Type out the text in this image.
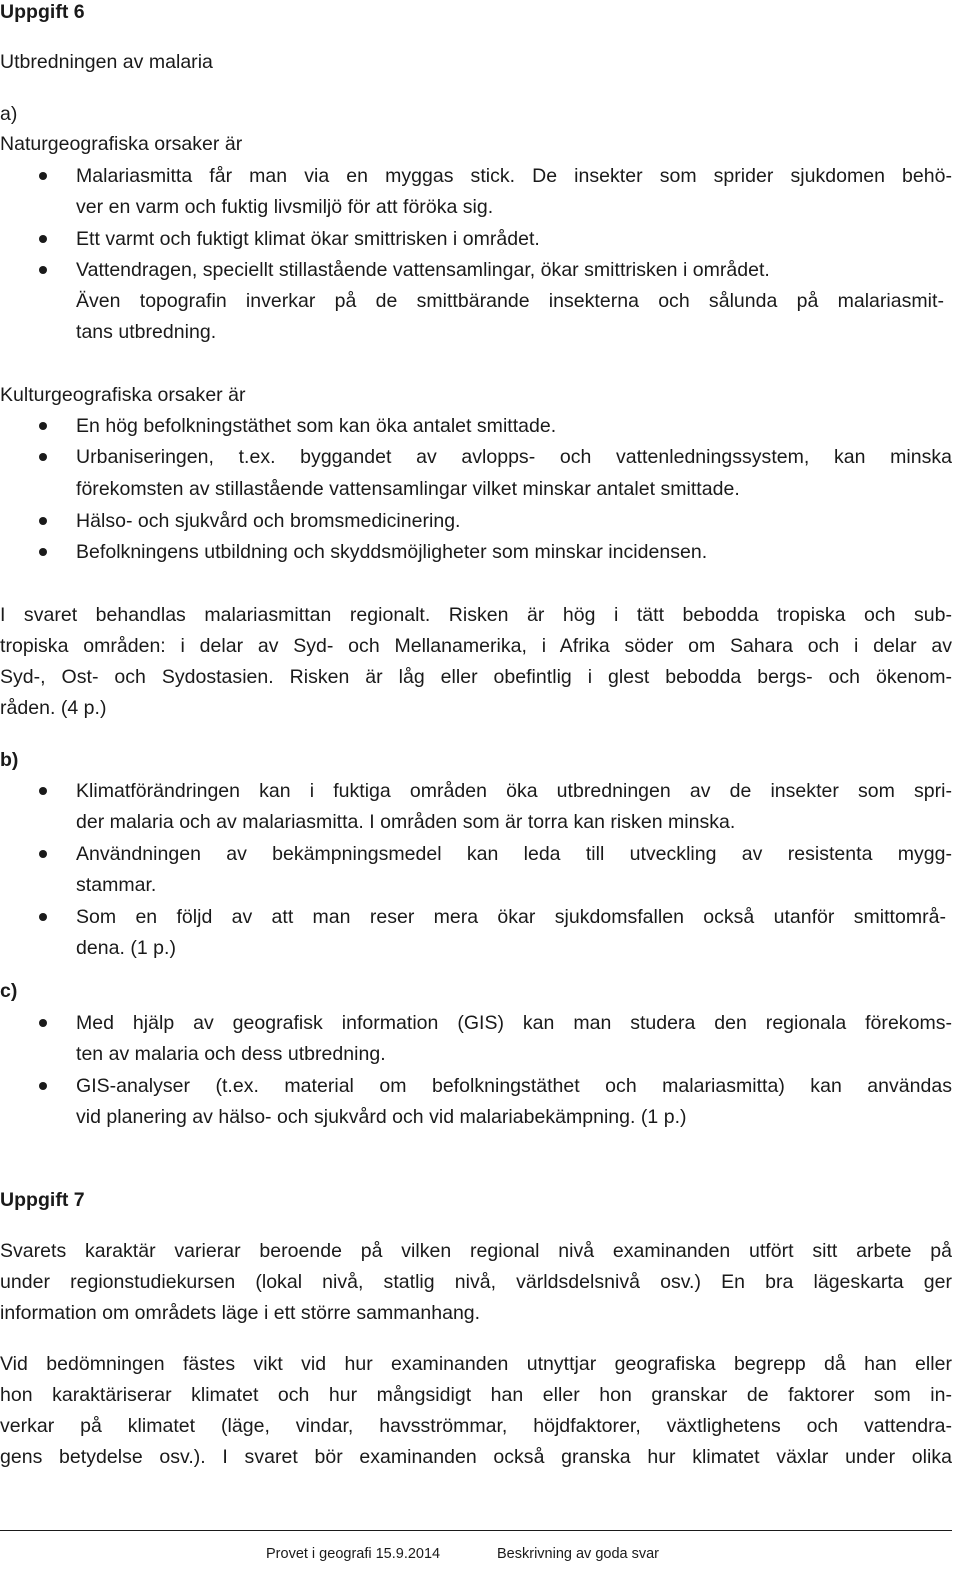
Uppgift 6
Utbredningen av malaria
a)
Naturgeografiska orsaker är
Malariasmitta får man via en myggas stick. De insekter som sprider sjukdomen behö-
ver en varm och fuktig livsmiljö för att föröka sig.
Ett varmt och fuktigt klimat ökar smittrisken i området.
Vattendragen, speciellt stillastående vattensamlingar, ökar smittrisken i området.
Även topografin inverkar på de smittbärande insekterna och sålunda på malariasmit-
tans utbredning.
Kulturgeografiska orsaker är
En hög befolkningstäthet som kan öka antalet smittade.
Urbaniseringen, t.ex. byggandet av avlopps- och vattenledningssystem, kan minska
förekomsten av stillastående vattensamlingar vilket minskar antalet smittade.
Hälso- och sjukvård och bromsmedicinering.
Befolkningens utbildning och skyddsmöjligheter som minskar incidensen.
I svaret behandlas malariasmittan regionalt. Risken är hög i tätt bebodda tropiska och sub-
tropiska områden: i delar av Syd- och Mellanamerika, i Afrika söder om Sahara och i delar av
Syd-, Ost- och Sydostasien. Risken är låg eller obefintlig i glest bebodda bergs- och ökenom-
råden. (4 p.)
b)
Klimatförändringen kan i fuktiga områden öka utbredningen av de insekter som spri-
der malaria och av malariasmitta. I områden som är torra kan risken minska.
Användningen av bekämpningsmedel kan leda till utveckling av resistenta mygg-
stammar.
Som en följd av att man reser mera ökar sjukdomsfallen också utanför smittområ-
dena. (1 p.)
c)
Med hjälp av geografisk information (GIS) kan man studera den regionala förekoms-
ten av malaria och dess utbredning.
GIS-analyser (t.ex. material om befolkningstäthet och malariasmitta) kan användas
vid planering av hälso- och sjukvård och vid malariabekämpning. (1 p.)
Uppgift 7
Svarets karaktär varierar beroende på vilken regional nivå examinanden utfört sitt arbete på
under regionstudiekursen (lokal nivå, statlig nivå, världsdelsnivå osv.) En bra lägeskarta ger
information om områdets läge i ett större sammanhang.
Vid bedömningen fästes vikt vid hur examinanden utnyttjar geografiska begrepp då han eller
hon karaktäriserar klimatet och hur mångsidigt han eller hon granskar de faktorer som in-
verkar på klimatet (läge, vindar, havsströmmar, höjdfaktorer, växtlighetens och vattendra-
gens betydelse osv.). I svaret bör examinanden också granska hur klimatet växlar under olika
Provet i geografi 15.9.2014	Beskrivning av goda svar
